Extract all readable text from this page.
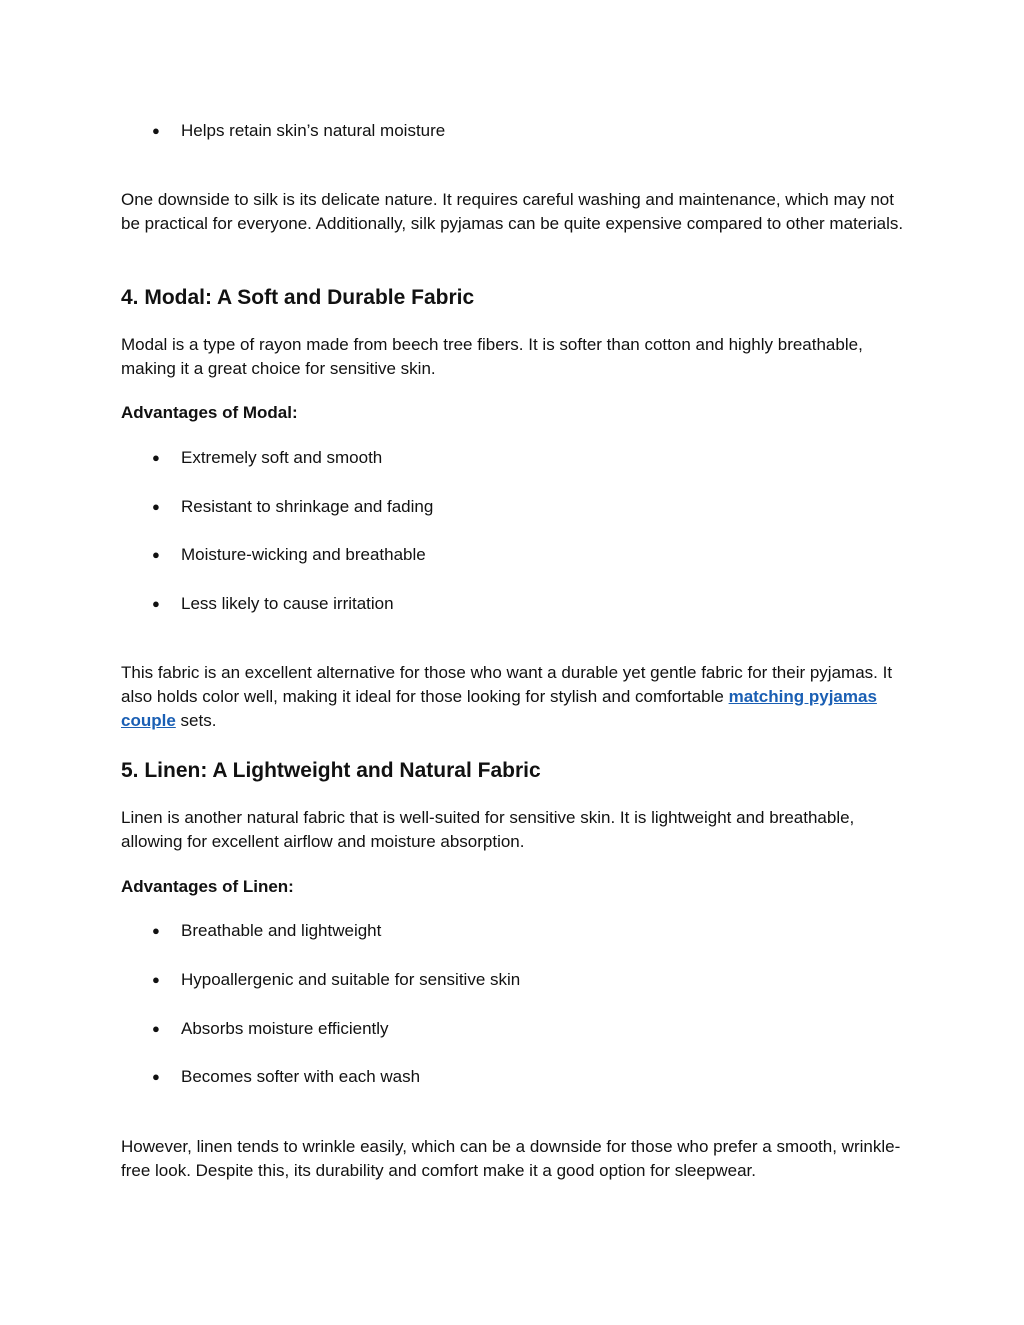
● Helps retain skin’s natural moisture

One downside to silk is its delicate nature. It requires careful washing and maintenance, which may not be practical for everyone. Additionally, silk pyjamas can be quite expensive compared to other materials.

4. Modal: A Soft and Durable Fabric

Modal is a type of rayon made from beech tree fibers. It is softer than cotton and highly breathable, making it a great choice for sensitive skin.

Advantages of Modal:
● Extremely soft and smooth
● Resistant to shrinkage and fading
● Moisture-wicking and breathable
● Less likely to cause irritation

This fabric is an excellent alternative for those who want a durable yet gentle fabric for their pyjamas. It also holds color well, making it ideal for those looking for stylish and comfortable matching pyjamas couple sets.

5. Linen: A Lightweight and Natural Fabric

Linen is another natural fabric that is well-suited for sensitive skin. It is lightweight and breathable, allowing for excellent airflow and moisture absorption.

Advantages of Linen:
● Breathable and lightweight
● Hypoallergenic and suitable for sensitive skin
● Absorbs moisture efficiently
● Becomes softer with each wash

However, linen tends to wrinkle easily, which can be a downside for those who prefer a smooth, wrinkle-free look. Despite this, its durability and comfort make it a good option for sleepwear.
